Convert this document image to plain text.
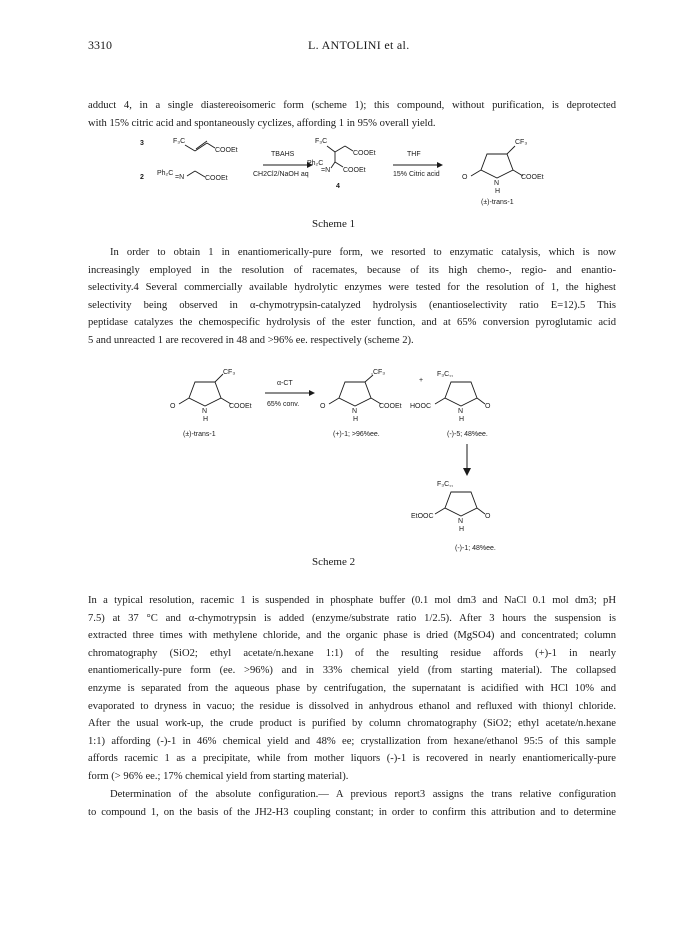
3310	L. ANTOLINI et al.

adduct 4, in a single diastereoisomeric form (scheme 1); this compound, without purification, is deprotected
with 15% citric acid and spontaneously cyclizes, affording 1 in 95% overall yield.

3	F₃C
COOEt
2
Ph₂C
=N	COOEt
TBAHS
CH2Cl2/NaOH aq
F₃C
COOEt
COOEt
Ph₂C
=N
4
THF
15% Citric acid
CF₃
O
N
H
COOEt
(±)-trans-1
Scheme 1

In order to obtain 1 in enantiomerically-pure form, we resorted to enzymatic catalysis, which is now
increasingly employed in the resolution of racemates, because of its high chemo-, regio- and enantio-
selectivity.4 Several commercially available hydrolytic enzymes were tested for the resolution of 1, the highest
selectivity being observed in α-chymotrypsin-catalyzed hydrolysis (enantioselectivity ratio E=12).5 This
peptidase catalyzes the chemospecific hydrolysis of the ester function, and at 65% conversion pyroglutamic acid
5 and unreacted 1 are recovered in 48 and >96% ee. respectively (scheme 2).

CF₃
O
N
H
COOEt
(±)-trans-1
α-CT
65% conv.
,CF₃
O
N
H
COOEt
(+)-1; >96%ee.
+
F₃C,,
HOOC
N
H
O
(-)-5; 48%ee.
F₃C,,
EtOOC
N
H
O
(-)-1; 48%ee.
Scheme 2

In a typical resolution, racemic 1 is suspended in phosphate buffer (0.1 mol dm3 and NaCl 0.1 mol dm3; pH
7.5) at 37 °C and α-chymotrypsin is added (enzyme/substrate ratio 1/2.5). After 3 hours the suspension is
extracted three times with methylene chloride, and the organic phase is dried (MgSO4) and concentrated; column
chromatography (SiO2; ethyl acetate/n.hexane 1:1) of the resulting residue affords (+)-1 in nearly
enantiomerically-pure form (ee. >96%) and in 33% chemical yield (from starting material). The collapsed
enzyme is separated from the aqueous phase by centrifugation, the supernatant is acidified with HCl 10% and
evaporated to dryness in vacuo; the residue is dissolved in anhydrous ethanol and refluxed with thionyl chloride.
After the usual work-up, the crude product is purified by column chromatography (SiO2; ethyl acetate/n.hexane
1:1) affording (-)-1 in 46% chemical yield and 48% ee; crystallization from hexane/ethanol 95:5 of this sample
affords racemic 1 as a precipitate, while from mother liquors (-)-1 is recovered in nearly enantiomerically-pure
form (> 96% ee.; 17% chemical yield from starting material).

Determination of the absolute configuration.— A previous report3 assigns the trans relative configuration
to compound 1, on the basis of the JH2-H3 coupling constant; in order to confirm this attribution and to determine
